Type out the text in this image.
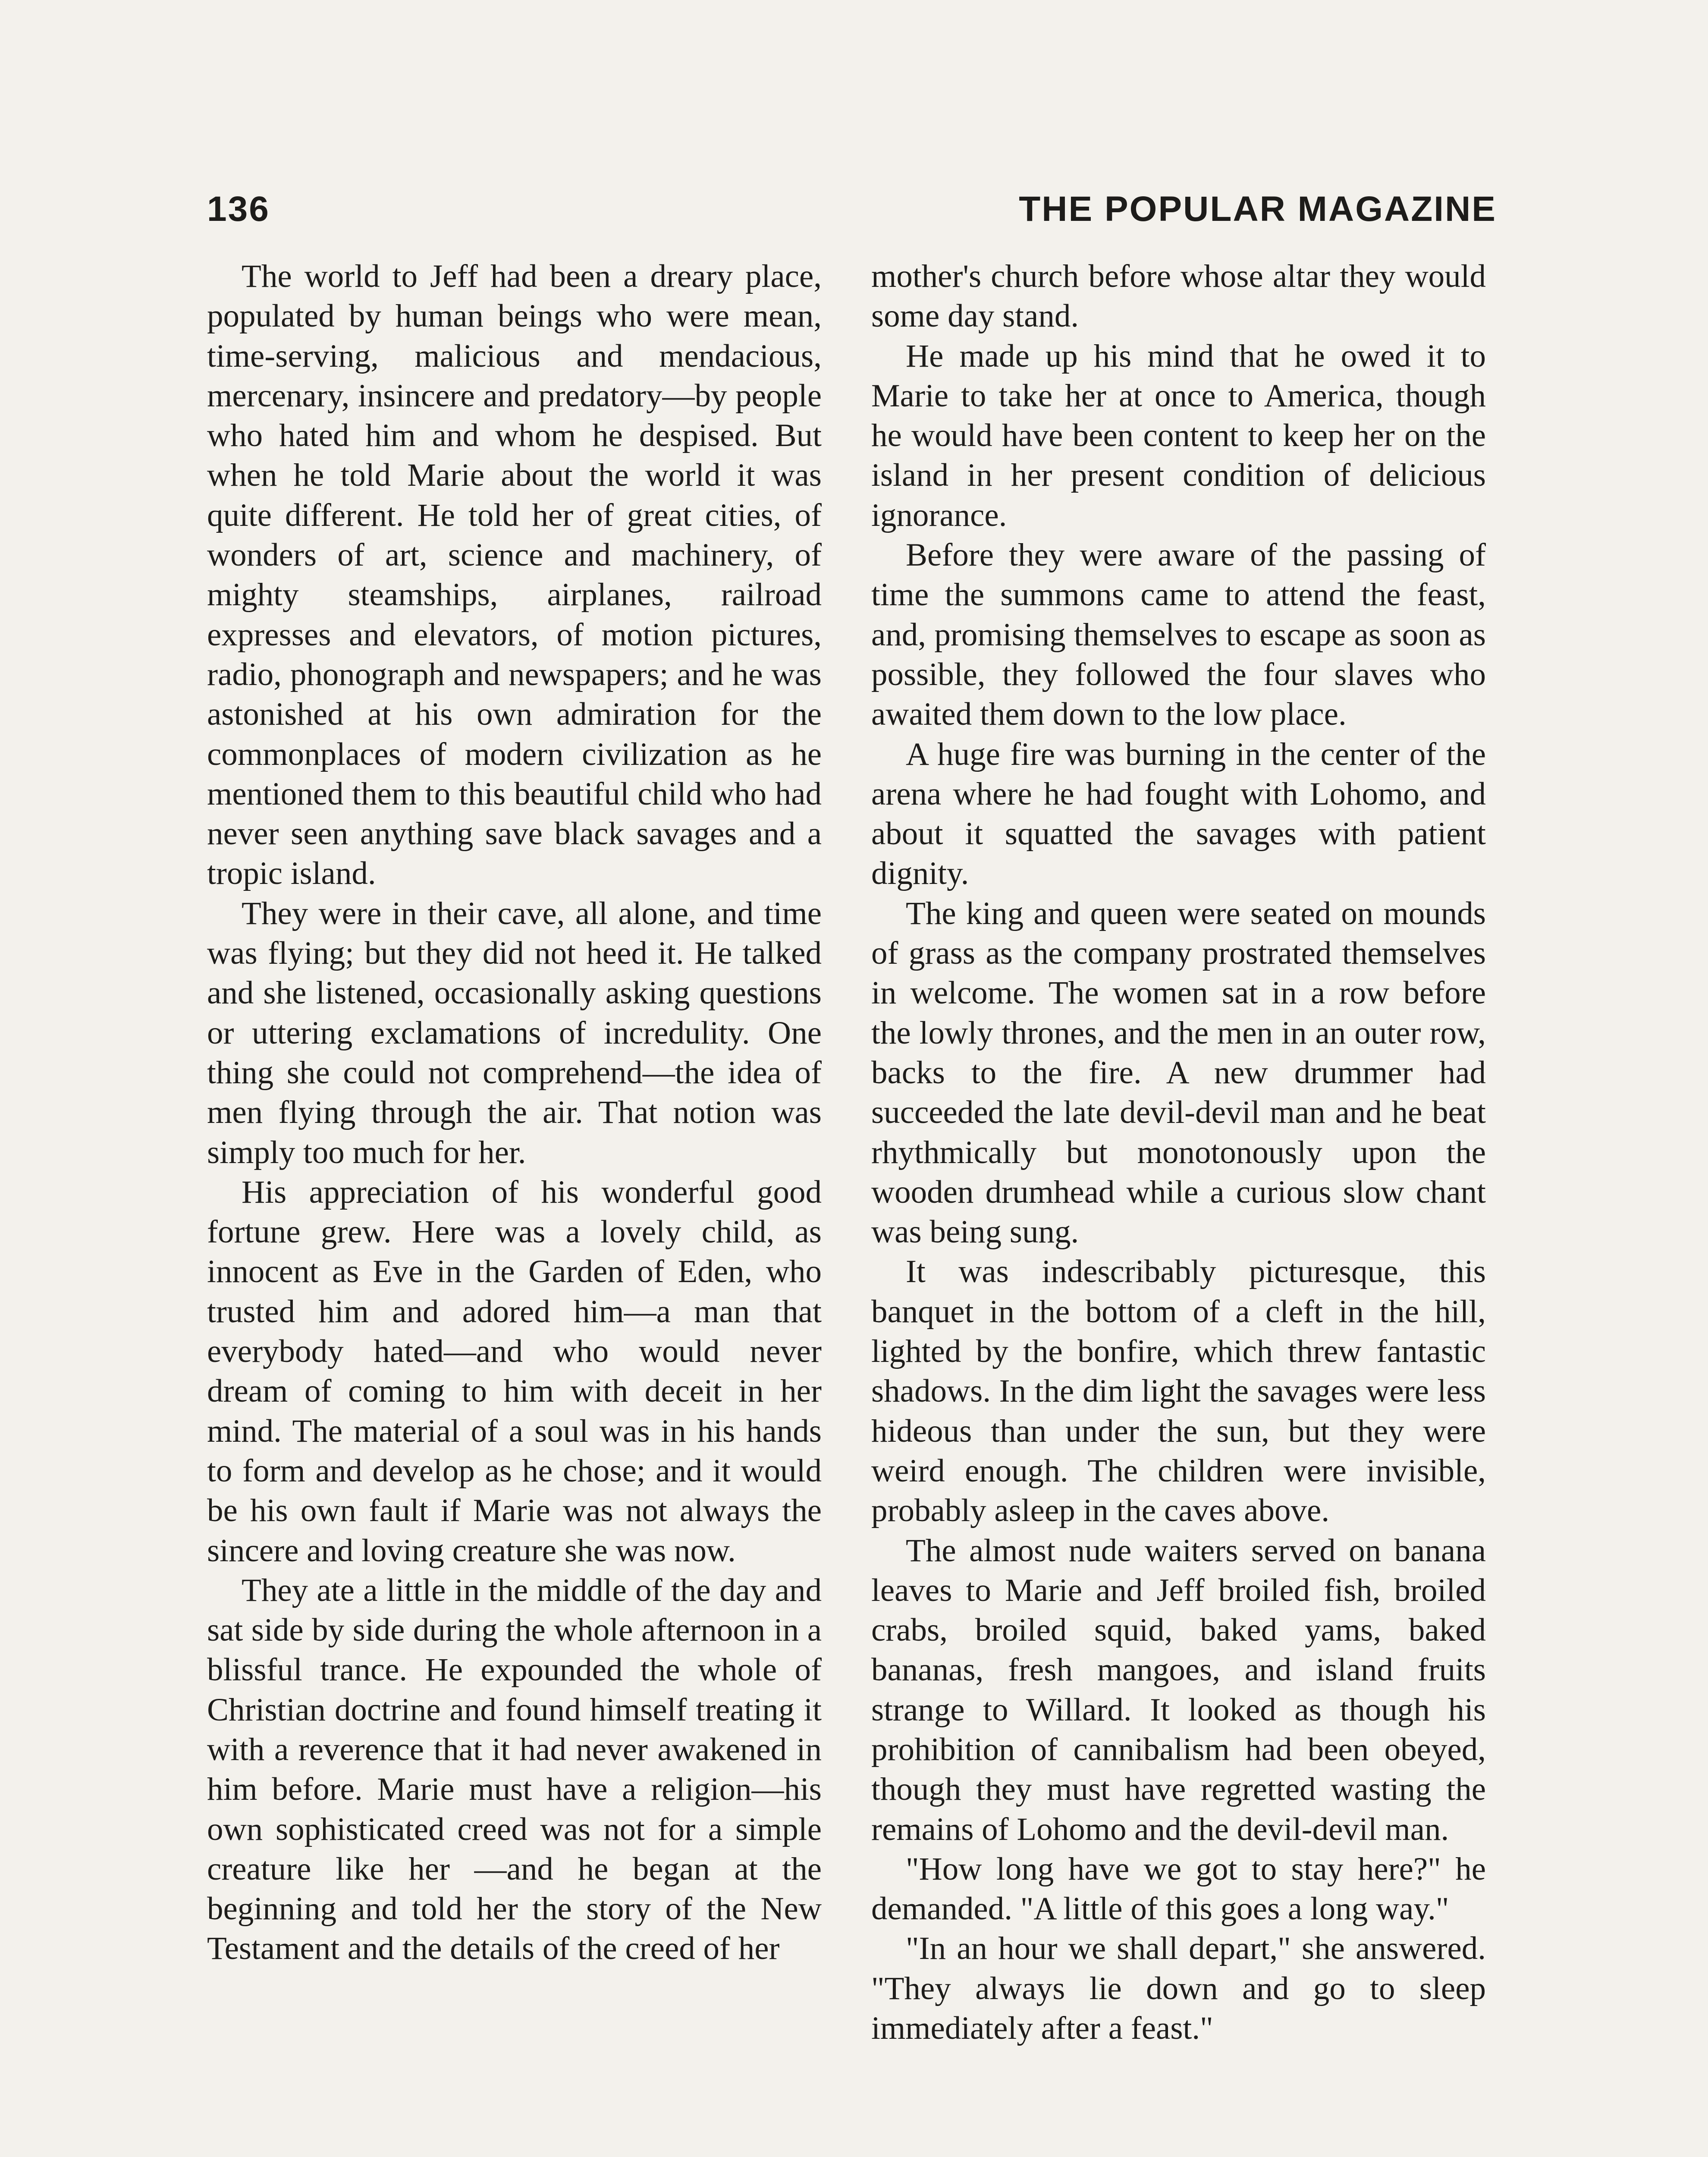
136	THE POPULAR MAGAZINE

The world to Jeff had been a dreary place, populated by human beings who were mean, time-serving, malicious and mendacious, mercenary, insincere and predatory—by people who hated him and whom he despised. But when he told Marie about the world it was quite different. He told her of great cities, of wonders of art, science and machinery, of mighty steamships, airplanes, railroad expresses and elevators, of motion pictures, radio, phonograph and newspapers; and he was astonished at his own admiration for the commonplaces of modern civilization as he mentioned them to this beautiful child who had never seen anything save black savages and a tropic island.

They were in their cave, all alone, and time was flying; but they did not heed it. He talked and she listened, occasionally asking questions or uttering exclamations of incredulity. One thing she could not comprehend—the idea of men flying through the air. That notion was simply too much for her.

His appreciation of his wonderful good fortune grew. Here was a lovely child, as innocent as Eve in the Garden of Eden, who trusted him and adored him—a man that everybody hated—and who would never dream of coming to him with deceit in her mind. The material of a soul was in his hands to form and develop as he chose; and it would be his own fault if Marie was not always the sincere and loving creature she was now.

They ate a little in the middle of the day and sat side by side during the whole afternoon in a blissful trance. He expounded the whole of Christian doctrine and found himself treating it with a reverence that it had never awakened in him before. Marie must have a religion—his own sophisticated creed was not for a simple creature like her —and he began at the beginning and told her the story of the New Testament and the details of the creed of her

mother's church before whose altar they would some day stand.

He made up his mind that he owed it to Marie to take her at once to America, though he would have been content to keep her on the island in her present condition of delicious ignorance.

Before they were aware of the passing of time the summons came to attend the feast, and, promising themselves to escape as soon as possible, they followed the four slaves who awaited them down to the low place.

A huge fire was burning in the center of the arena where he had fought with Lohomo, and about it squatted the savages with patient dignity.

The king and queen were seated on mounds of grass as the company prostrated themselves in welcome. The women sat in a row before the lowly thrones, and the men in an outer row, backs to the fire. A new drummer had succeeded the late devil-devil man and he beat rhythmically but monotonously upon the wooden drumhead while a curious slow chant was being sung.

It was indescribably picturesque, this banquet in the bottom of a cleft in the hill, lighted by the bonfire, which threw fantastic shadows. In the dim light the savages were less hideous than under the sun, but they were weird enough. The children were invisible, probably asleep in the caves above.

The almost nude waiters served on banana leaves to Marie and Jeff broiled fish, broiled crabs, broiled squid, baked yams, baked bananas, fresh mangoes, and island fruits strange to Willard. It looked as though his prohibition of cannibalism had been obeyed, though they must have regretted wasting the remains of Lohomo and the devil-devil man.

"How long have we got to stay here?" he demanded. "A little of this goes a long way."

"In an hour we shall depart," she answered. "They always lie down and go to sleep immediately after a feast."
